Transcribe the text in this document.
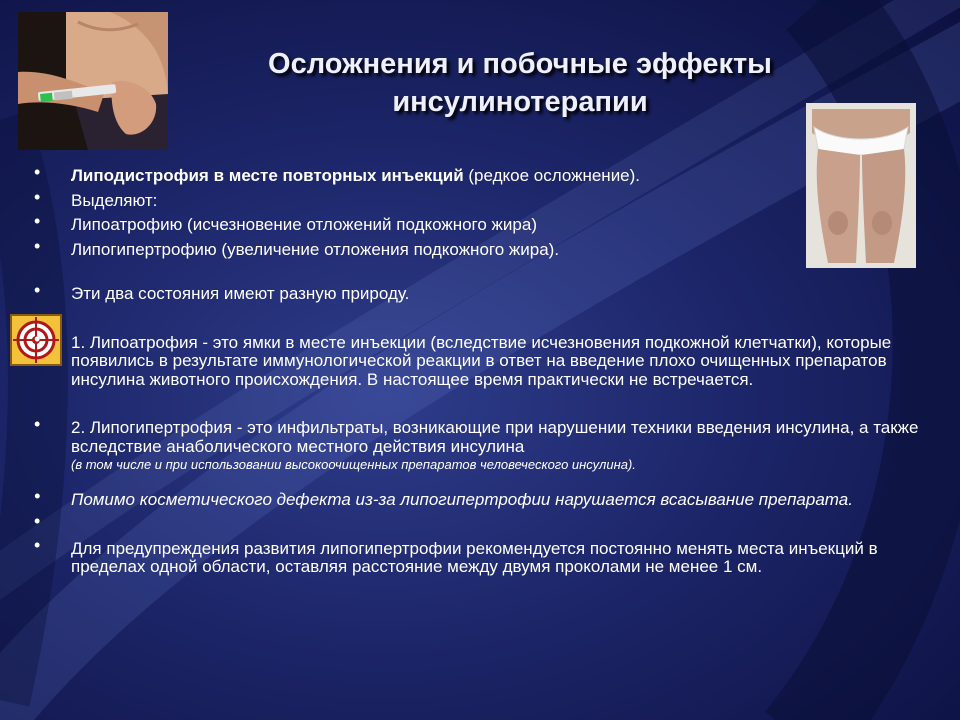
Осложнения и побочные эффекты
инсулинотерапии
• Липодистрофия в месте повторных инъекций (редкое осложнение).
• Выделяют:
• Липоатрофию (исчезновение отложений подкожного жира)
• Липогипертрофию (увеличение отложения подкожного жира).
• Эти два состояния имеют разную природу.
• 1. Липоатрофия - это ямки в месте инъекции (вследствие исчезновения подкожной клетчатки), которые появились в результате иммунологической реакции в ответ на введение плохо очищенных препаратов инсулина животного происхождения. В настоящее время практически не встречается.
• 2. Липогипертрофия - это инфильтраты, возникающие при нарушении техники введения инсулина, а также вследствие анаболического местного действия инсулина
(в том числе и при использовании высокоочищенных препаратов человеческого инсулина).
• Помимо косметического дефекта из-за липогипертрофии нарушается всасывание препарата.
•
• Для предупреждения развития липогипертрофии рекомендуется постоянно менять места инъекций в пределах одной области, оставляя расстояние между двумя проколами не менее 1 см.
